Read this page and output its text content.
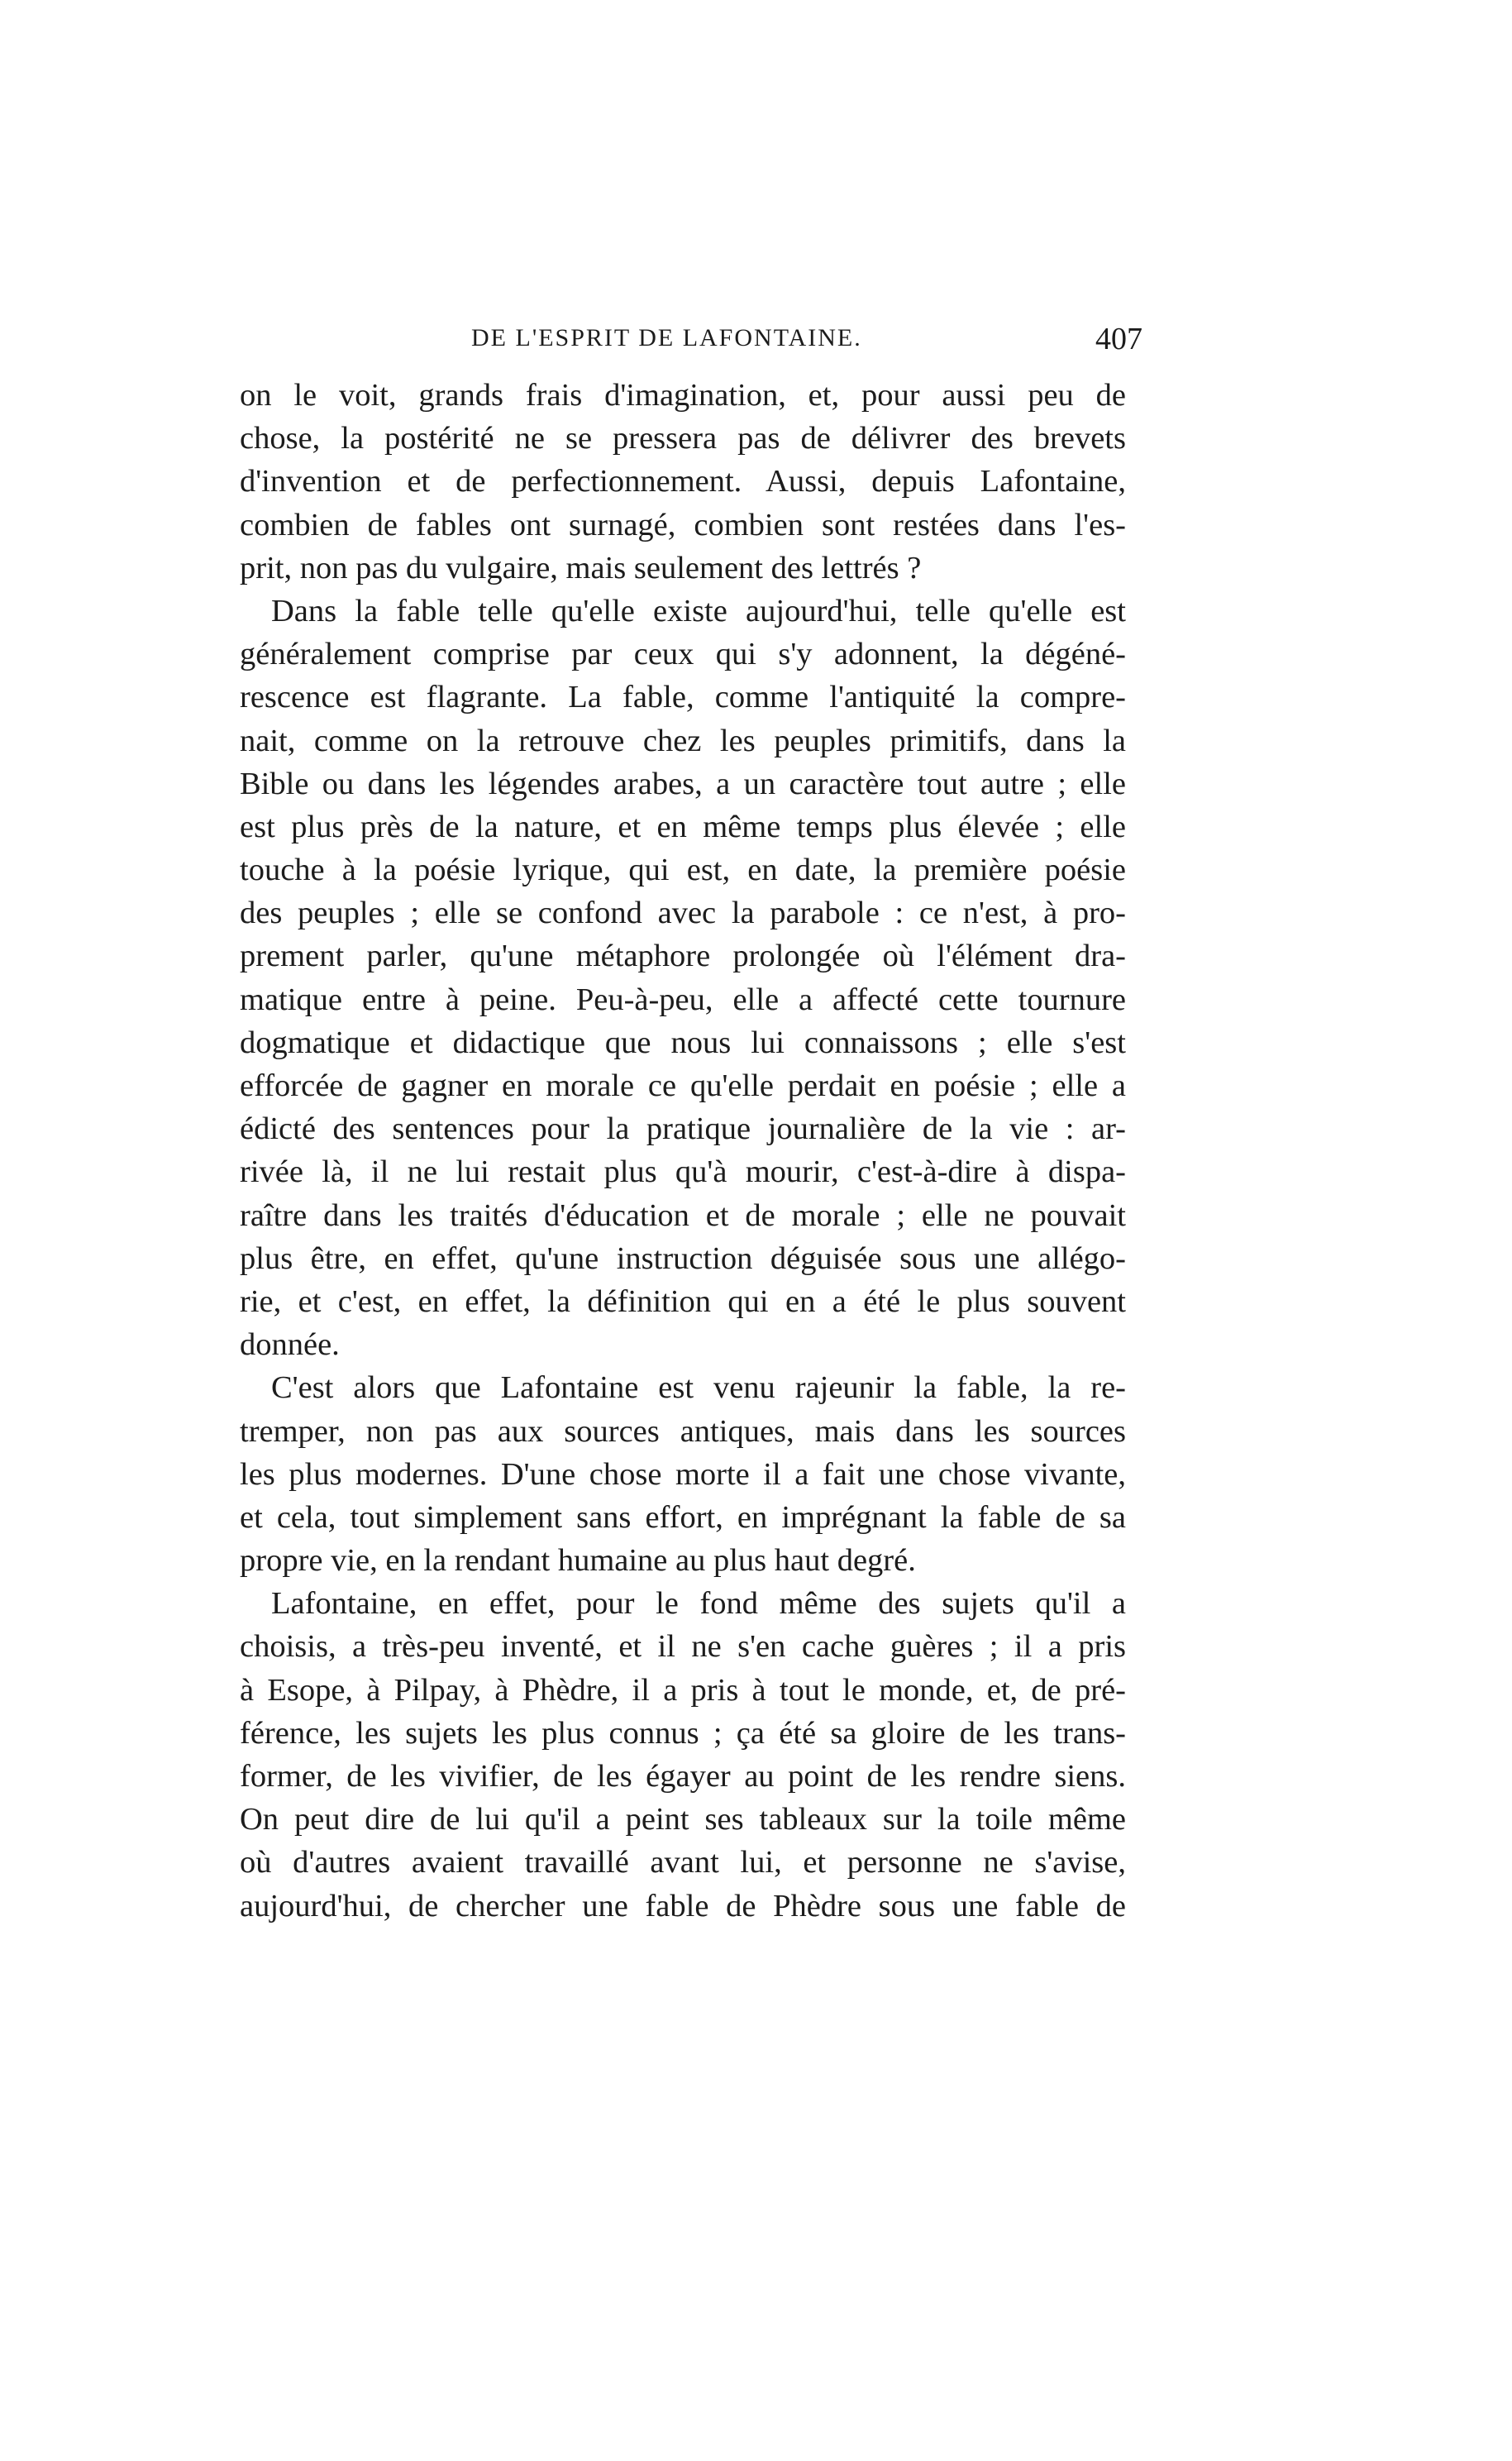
DE L'ESPRIT DE LAFONTAINE.	407
on le voit, grands frais d'imagination, et, pour aussi peu de
chose, la postérité ne se pressera pas de délivrer des brevets
d'invention et de perfectionnement. Aussi, depuis Lafontaine,
combien de fables ont surnagé, combien sont restées dans l'es-
prit, non pas du vulgaire, mais seulement des lettrés ?
Dans la fable telle qu'elle existe aujourd'hui, telle qu'elle est
généralement comprise par ceux qui s'y adonnent, la dégéné-
rescence est flagrante. La fable, comme l'antiquité la compre-
nait, comme on la retrouve chez les peuples primitifs, dans la
Bible ou dans les légendes arabes, a un caractère tout autre ; elle
est plus près de la nature, et en même temps plus élevée ; elle
touche à la poésie lyrique, qui est, en date, la première poésie
des peuples ; elle se confond avec la parabole : ce n'est, à pro-
prement parler, qu'une métaphore prolongée où l'élément dra-
matique entre à peine. Peu-à-peu, elle a affecté cette tournure
dogmatique et didactique que nous lui connaissons ; elle s'est
efforcée de gagner en morale ce qu'elle perdait en poésie ; elle a
édicté des sentences pour la pratique journalière de la vie : ar-
rivée là, il ne lui restait plus qu'à mourir, c'est-à-dire à dispa-
raître dans les traités d'éducation et de morale ; elle ne pouvait
plus être, en effet, qu'une instruction déguisée sous une allégo-
rie, et c'est, en effet, la définition qui en a été le plus souvent
donnée.
C'est alors que Lafontaine est venu rajeunir la fable, la re-
tremper, non pas aux sources antiques, mais dans les sources
les plus modernes. D'une chose morte il a fait une chose vivante,
et cela, tout simplement sans effort, en imprégnant la fable de sa
propre vie, en la rendant humaine au plus haut degré.
Lafontaine, en effet, pour le fond même des sujets qu'il a
choisis, a très-peu inventé, et il ne s'en cache guères ; il a pris
à Esope, à Pilpay, à Phèdre, il a pris à tout le monde, et, de pré-
férence, les sujets les plus connus ; ça été sa gloire de les trans-
former, de les vivifier, de les égayer au point de les rendre siens.
On peut dire de lui qu'il a peint ses tableaux sur la toile même
où d'autres avaient travaillé avant lui, et personne ne s'avise,
aujourd'hui, de chercher une fable de Phèdre sous une fable de
